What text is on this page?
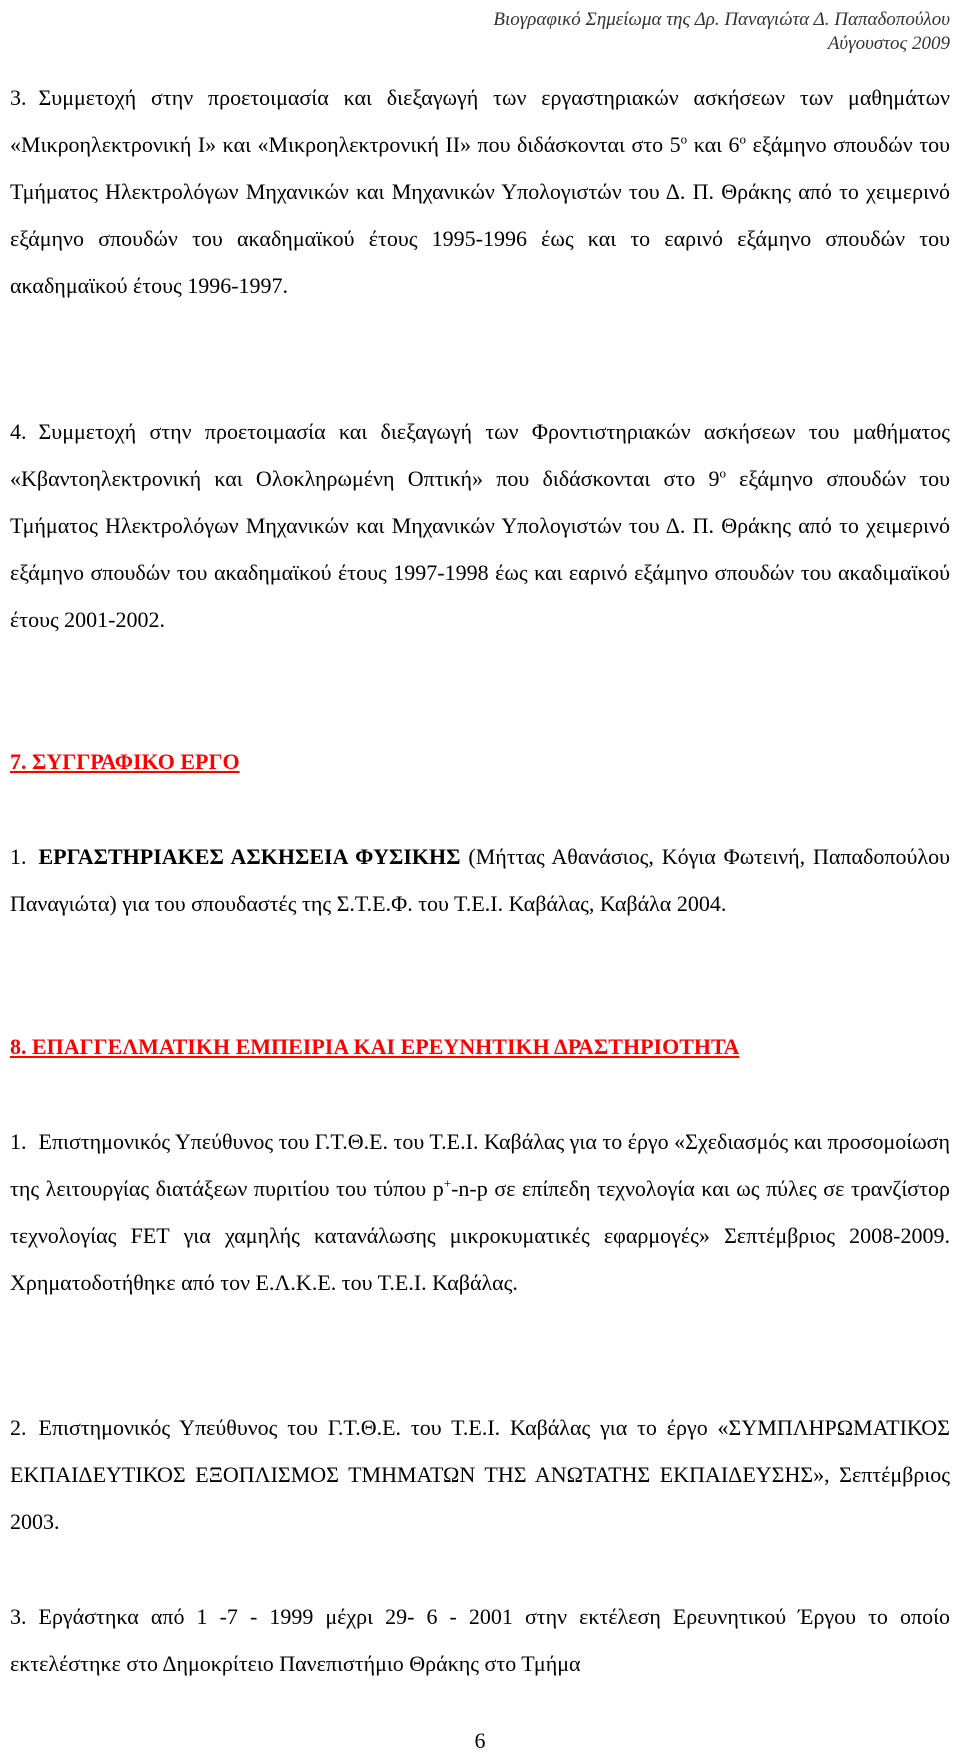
Βιογραφικό Σημείωμα της Δρ. Παναγιώτα Δ. Παπαδοπούλου
Αύγουστος 2009

3. Συμμετοχή στην προετοιμασία και διεξαγωγή των εργαστηριακών ασκήσεων των μαθημάτων «Μικροηλεκτρονική Ι» και «Μικροηλεκτρονική ΙΙ» που διδάσκονται στο $5^o$ και $6^o$ εξάμηνο σπουδών του Τμήματος Ηλεκτρολόγων Μηχανικών και Μηχανικών Υπολογιστών του Δ. Π. Θράκης από το χειμερινό εξάμηνο σπουδών του ακαδημαϊκού έτους 1995-1996 έως και το εαρινό εξάμηνο σπουδών του ακαδημαϊκού έτους 1996-1997.

4. Συμμετοχή στην προετοιμασία και διεξαγωγή των Φροντιστηριακών ασκήσεων του μαθήματος «Κβαντοηλεκτρονική και Ολοκληρωμένη Οπτική» που διδάσκονται στο $9^o$ εξάμηνο σπουδών του Τμήματος Ηλεκτρολόγων Μηχανικών και Μηχανικών Υπολογιστών του Δ. Π. Θράκης από το χειμερινό εξάμηνο σπουδών του ακαδημαϊκού έτους 1997-1998 έως και εαρινό εξάμηνο σπουδών του ακαδιμαϊκού έτους 2001-2002.

7. ΣΥΓΓΡΑΦΙΚΟ ΕΡΓΟ

1. ΕΡΓΑΣΤΗΡΙΑΚΕΣ ΑΣΚΗΣΕΙΑ ΦΥΣΙΚΗΣ (Μήττας Αθανάσιος, Κόγια Φωτεινή, Παπαδοπούλου Παναγιώτα) για του σπουδαστές της Σ.Τ.Ε.Φ. του Τ.Ε.Ι. Καβάλας, Καβάλα 2004.

8. ΕΠΑΓΓΕΛΜΑΤΙΚΗ ΕΜΠΕΙΡΙΑ ΚΑΙ ΕΡΕΥΝΗΤΙΚΗ ΔΡΑΣΤΗΡΙΟΤΗΤΑ

1. Επιστημονικός Υπεύθυνος του Γ.Τ.Θ.Ε. του Τ.Ε.Ι. Καβάλας για το έργο «Σχεδιασμός και προσομοίωση της λειτουργίας διατάξεων πυριτίου του τύπου p+-n-p σε επίπεδη τεχνολογία και ως πύλες σε τρανζίστορ τεχνολογίας FET για χαμηλής κατανάλωσης μικροκυματικές εφαρμογές» Σεπτέμβριος 2008-2009. Χρηματοδοτήθηκε από τον Ε.Λ.Κ.Ε. του Τ.Ε.Ι. Καβάλας.

2. Επιστημονικός Υπεύθυνος του Γ.Τ.Θ.Ε. του Τ.Ε.Ι. Καβάλας για το έργο «ΣΥΜΠΛΗΡΩΜΑΤΙΚΟΣ ΕΚΠΑΙΔΕΥΤΙΚΟΣ ΕΞΟΠΛΙΣΜΟΣ ΤΜΗΜΑΤΩΝ ΤΗΣ ΑΝΩΤΑΤΗΣ ΕΚΠΑΙΔΕΥΣΗΣ», Σεπτέμβριος 2003.

3. Εργάστηκα από 1 -7 - 1999 μέχρι 29- 6 - 2001 στην εκτέλεση Ερευνητικού Έργου το οποίο εκτελέστηκε στο Δημοκρίτειο Πανεπιστήμιο Θράκης στο Τμήμα

6
